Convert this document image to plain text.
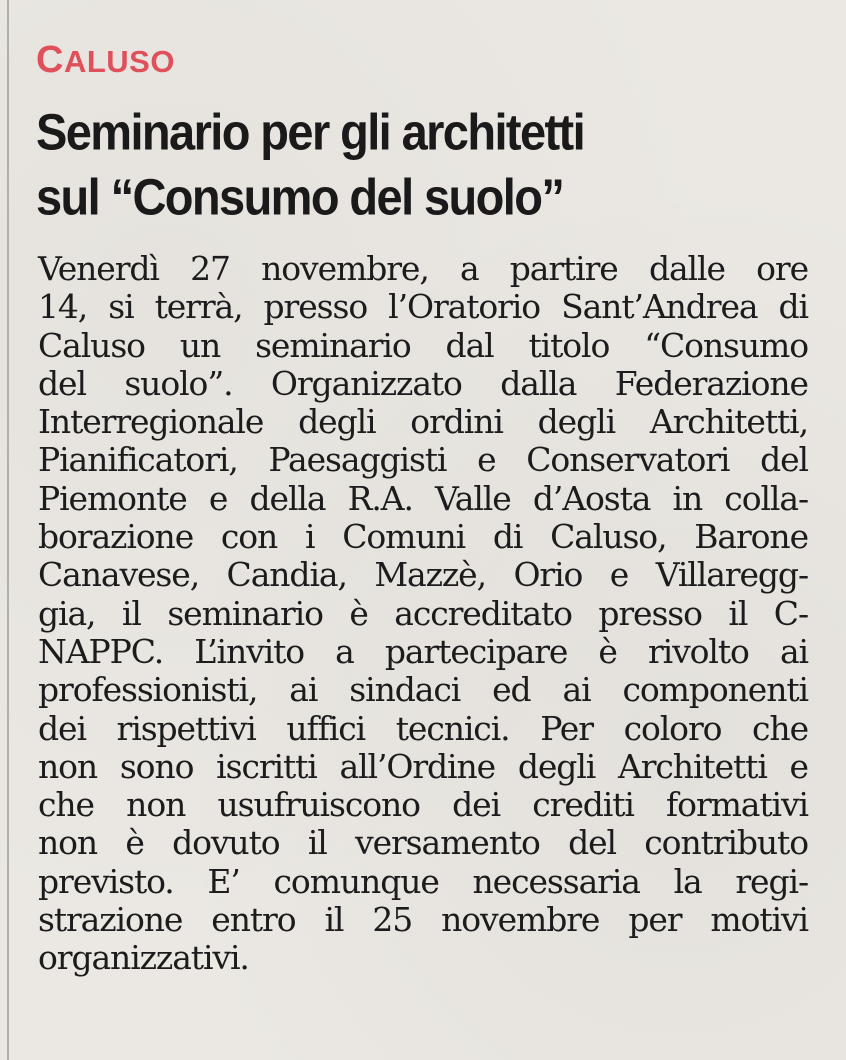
CALUSO
Seminario per gli architetti
sul “Consumo del suolo”
Venerdì 27 novembre, a partire dalle ore
14, si terrà, presso l’Oratorio Sant’Andrea di
Caluso un seminario dal titolo “Consumo
del suolo”. Organizzato dalla Federazione
Interregionale degli ordini degli Architetti,
Pianificatori, Paesaggisti e Conservatori del
Piemonte e della R.A. Valle d’Aosta in colla-
borazione con i Comuni di Caluso, Barone
Canavese, Candia, Mazzè, Orio e Villaregg-
gia, il seminario è accreditato presso il C-
NAPPC. L’invito a partecipare è rivolto ai
professionisti, ai sindaci ed ai componenti
dei rispettivi uffici tecnici. Per coloro che
non sono iscritti all’Ordine degli Architetti e
che non usufruiscono dei crediti formativi
non è dovuto il versamento del contributo
previsto. E’ comunque necessaria la regi-
strazione entro il 25 novembre per motivi
organizzativi.
